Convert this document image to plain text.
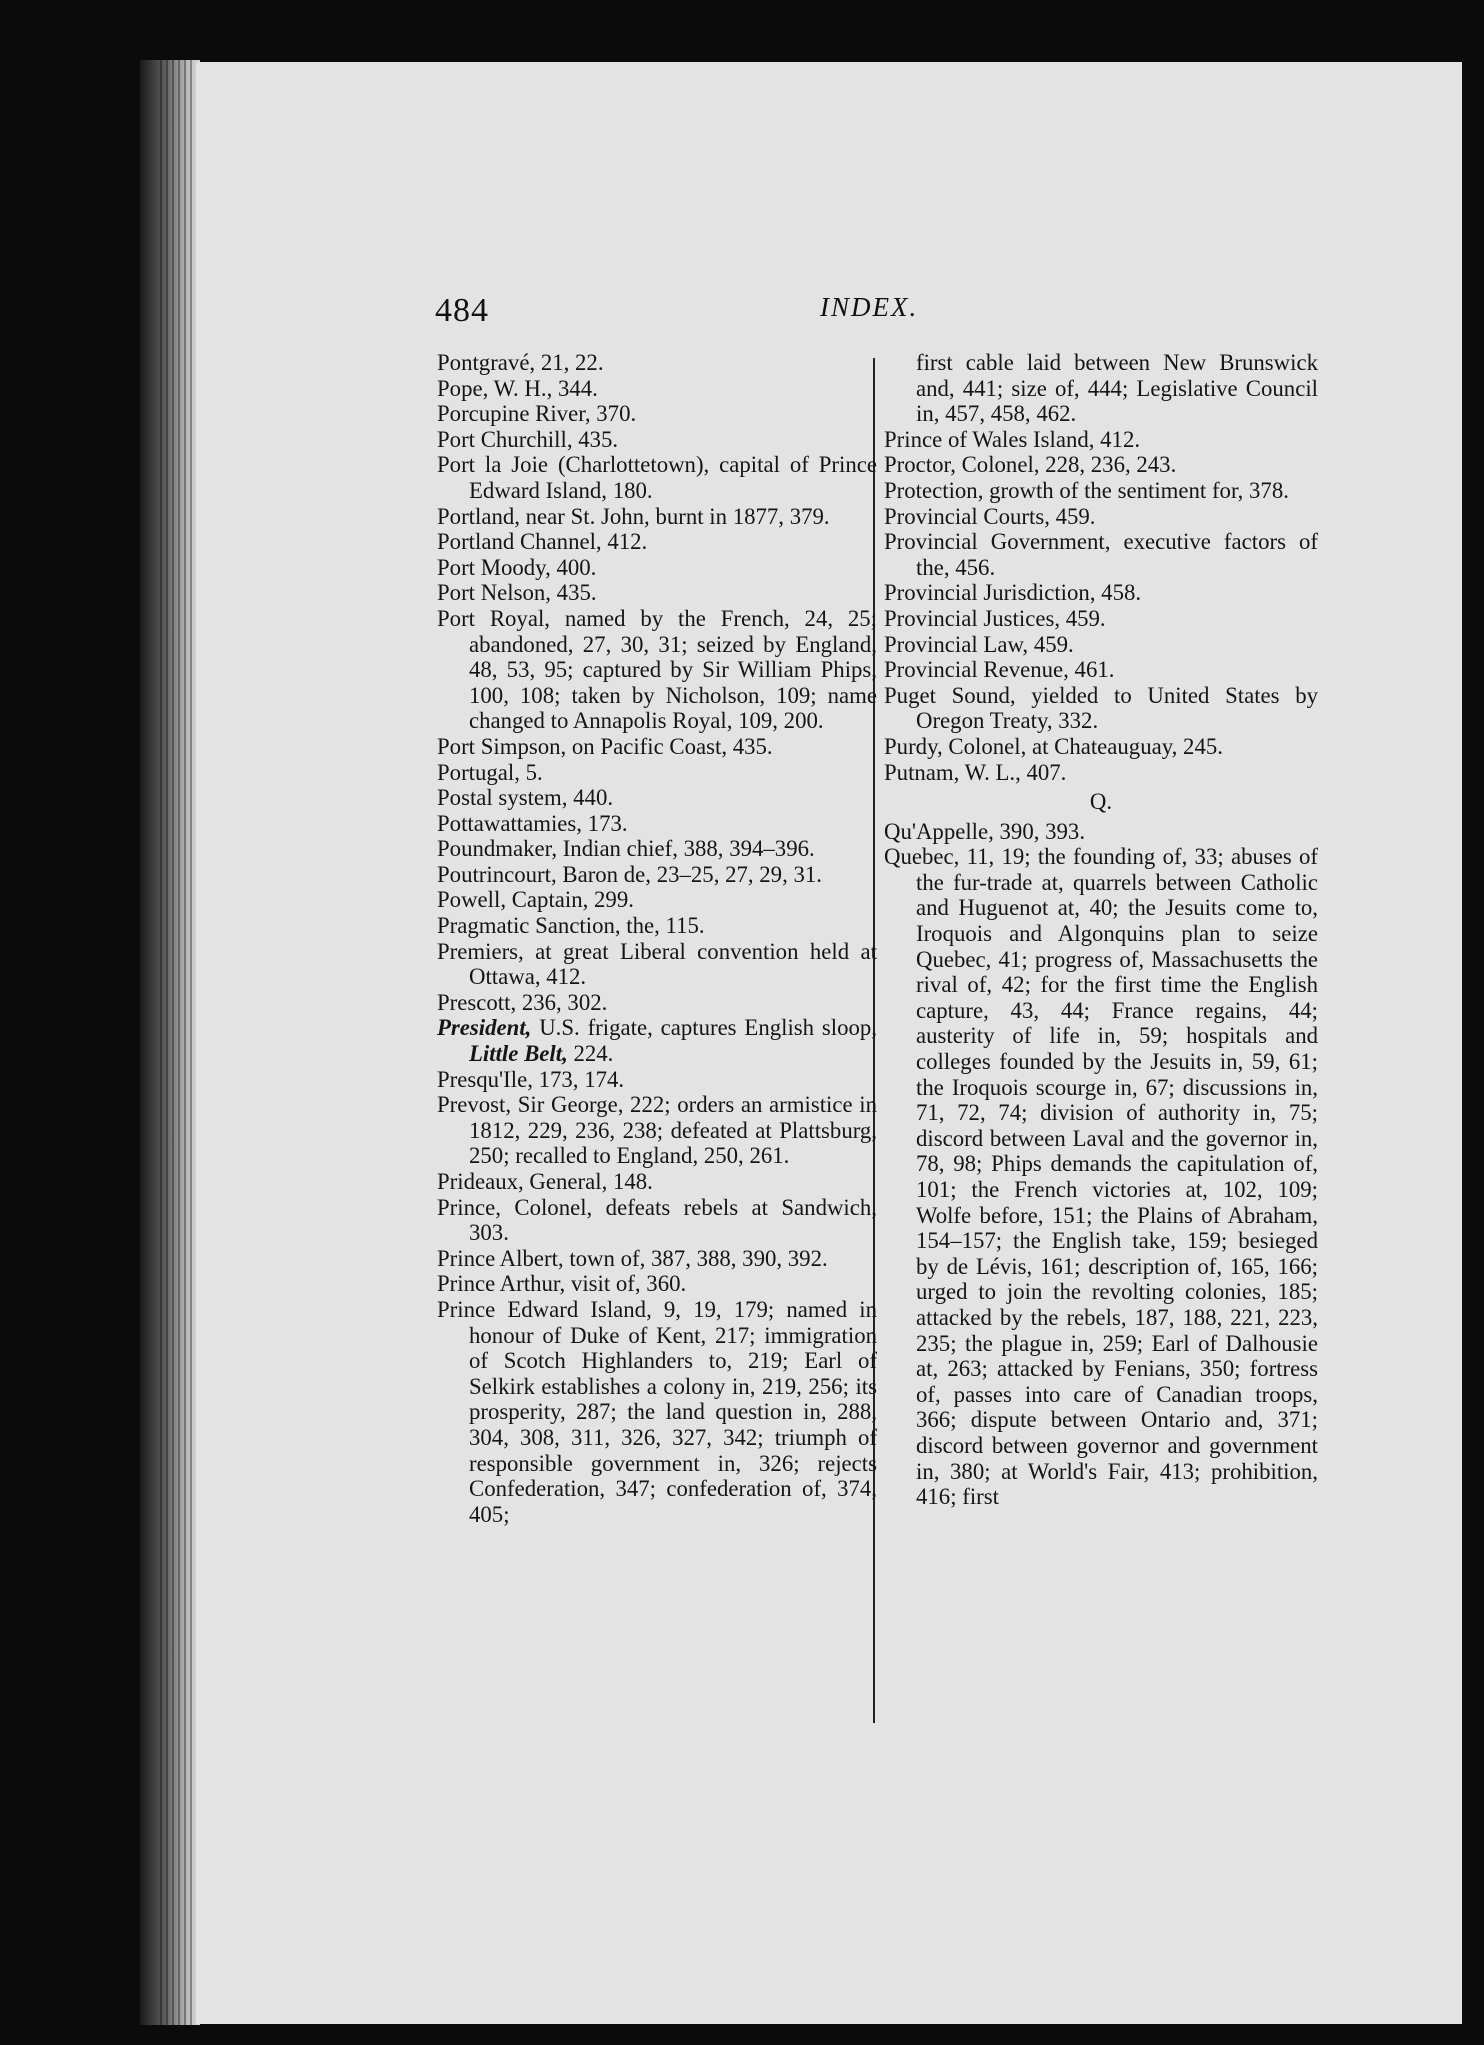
484	INDEX.

Pontgravé, 21, 22.

Pope, W. H., 344.

Porcupine River, 370.

Port Churchill, 435.

Port la Joie (Charlottetown), capital of Prince Edward Island, 180.

Portland, near St. John, burnt in 1877, 379.

Portland Channel, 412.

Port Moody, 400.

Port Nelson, 435.

Port Royal, named by the French, 24, 25; abandoned, 27, 30, 31; seized by England, 48, 53, 95; captured by Sir William Phips, 100, 108; taken by Nicholson, 109; name changed to Annapolis Royal, 109, 200.

Port Simpson, on Pacific Coast, 435.

Portugal, 5.

Postal system, 440.

Pottawattamies, 173.

Poundmaker, Indian chief, 388, 394–396.

Poutrincourt, Baron de, 23–25, 27, 29, 31.

Powell, Captain, 299.

Pragmatic Sanction, the, 115.

Premiers, at great Liberal convention held at Ottawa, 412.

Prescott, 236, 302.

President, U.S. frigate, captures English sloop, Little Belt, 224.

Presqu'Ile, 173, 174.

Prevost, Sir George, 222; orders an armistice in 1812, 229, 236, 238; defeated at Plattsburg, 250; recalled to England, 250, 261.

Prideaux, General, 148.

Prince, Colonel, defeats rebels at Sandwich, 303.

Prince Albert, town of, 387, 388, 390, 392.

Prince Arthur, visit of, 360.

Prince Edward Island, 9, 19, 179; named in honour of Duke of Kent, 217; immigration of Scotch Highlanders to, 219; Earl of Selkirk establishes a colony in, 219, 256; its prosperity, 287; the land question in, 288, 304, 308, 311, 326, 327, 342; triumph of responsible government in, 326; rejects Confederation, 347; confederation of, 374, 405;

first cable laid between New Brunswick and, 441; size of, 444; Legislative Council in, 457, 458, 462.

Prince of Wales Island, 412.

Proctor, Colonel, 228, 236, 243.

Protection, growth of the sentiment for, 378.

Provincial Courts, 459.

Provincial Government, executive factors of the, 456.

Provincial Jurisdiction, 458.

Provincial Justices, 459.

Provincial Law, 459.

Provincial Revenue, 461.

Puget Sound, yielded to United States by Oregon Treaty, 332.

Purdy, Colonel, at Chateauguay, 245.

Putnam, W. L., 407.

Q.

Qu'Appelle, 390, 393.

Quebec, 11, 19; the founding of, 33; abuses of the fur-trade at, quarrels between Catholic and Huguenot at, 40; the Jesuits come to, Iroquois and Algonquins plan to seize Quebec, 41; progress of, Massachusetts the rival of, 42; for the first time the English capture, 43, 44; France regains, 44; austerity of life in, 59; hospitals and colleges founded by the Jesuits in, 59, 61; the Iroquois scourge in, 67; discussions in, 71, 72, 74; division of authority in, 75; discord between Laval and the governor in, 78, 98; Phips demands the capitulation of, 101; the French victories at, 102, 109; Wolfe before, 151; the Plains of Abraham, 154–157; the English take, 159; besieged by de Lévis, 161; description of, 165, 166; urged to join the revolting colonies, 185; attacked by the rebels, 187, 188, 221, 223, 235; the plague in, 259; Earl of Dalhousie at, 263; attacked by Fenians, 350; fortress of, passes into care of Canadian troops, 366; dispute between Ontario and, 371; discord between governor and government in, 380; at World's Fair, 413; prohibition, 416; first
